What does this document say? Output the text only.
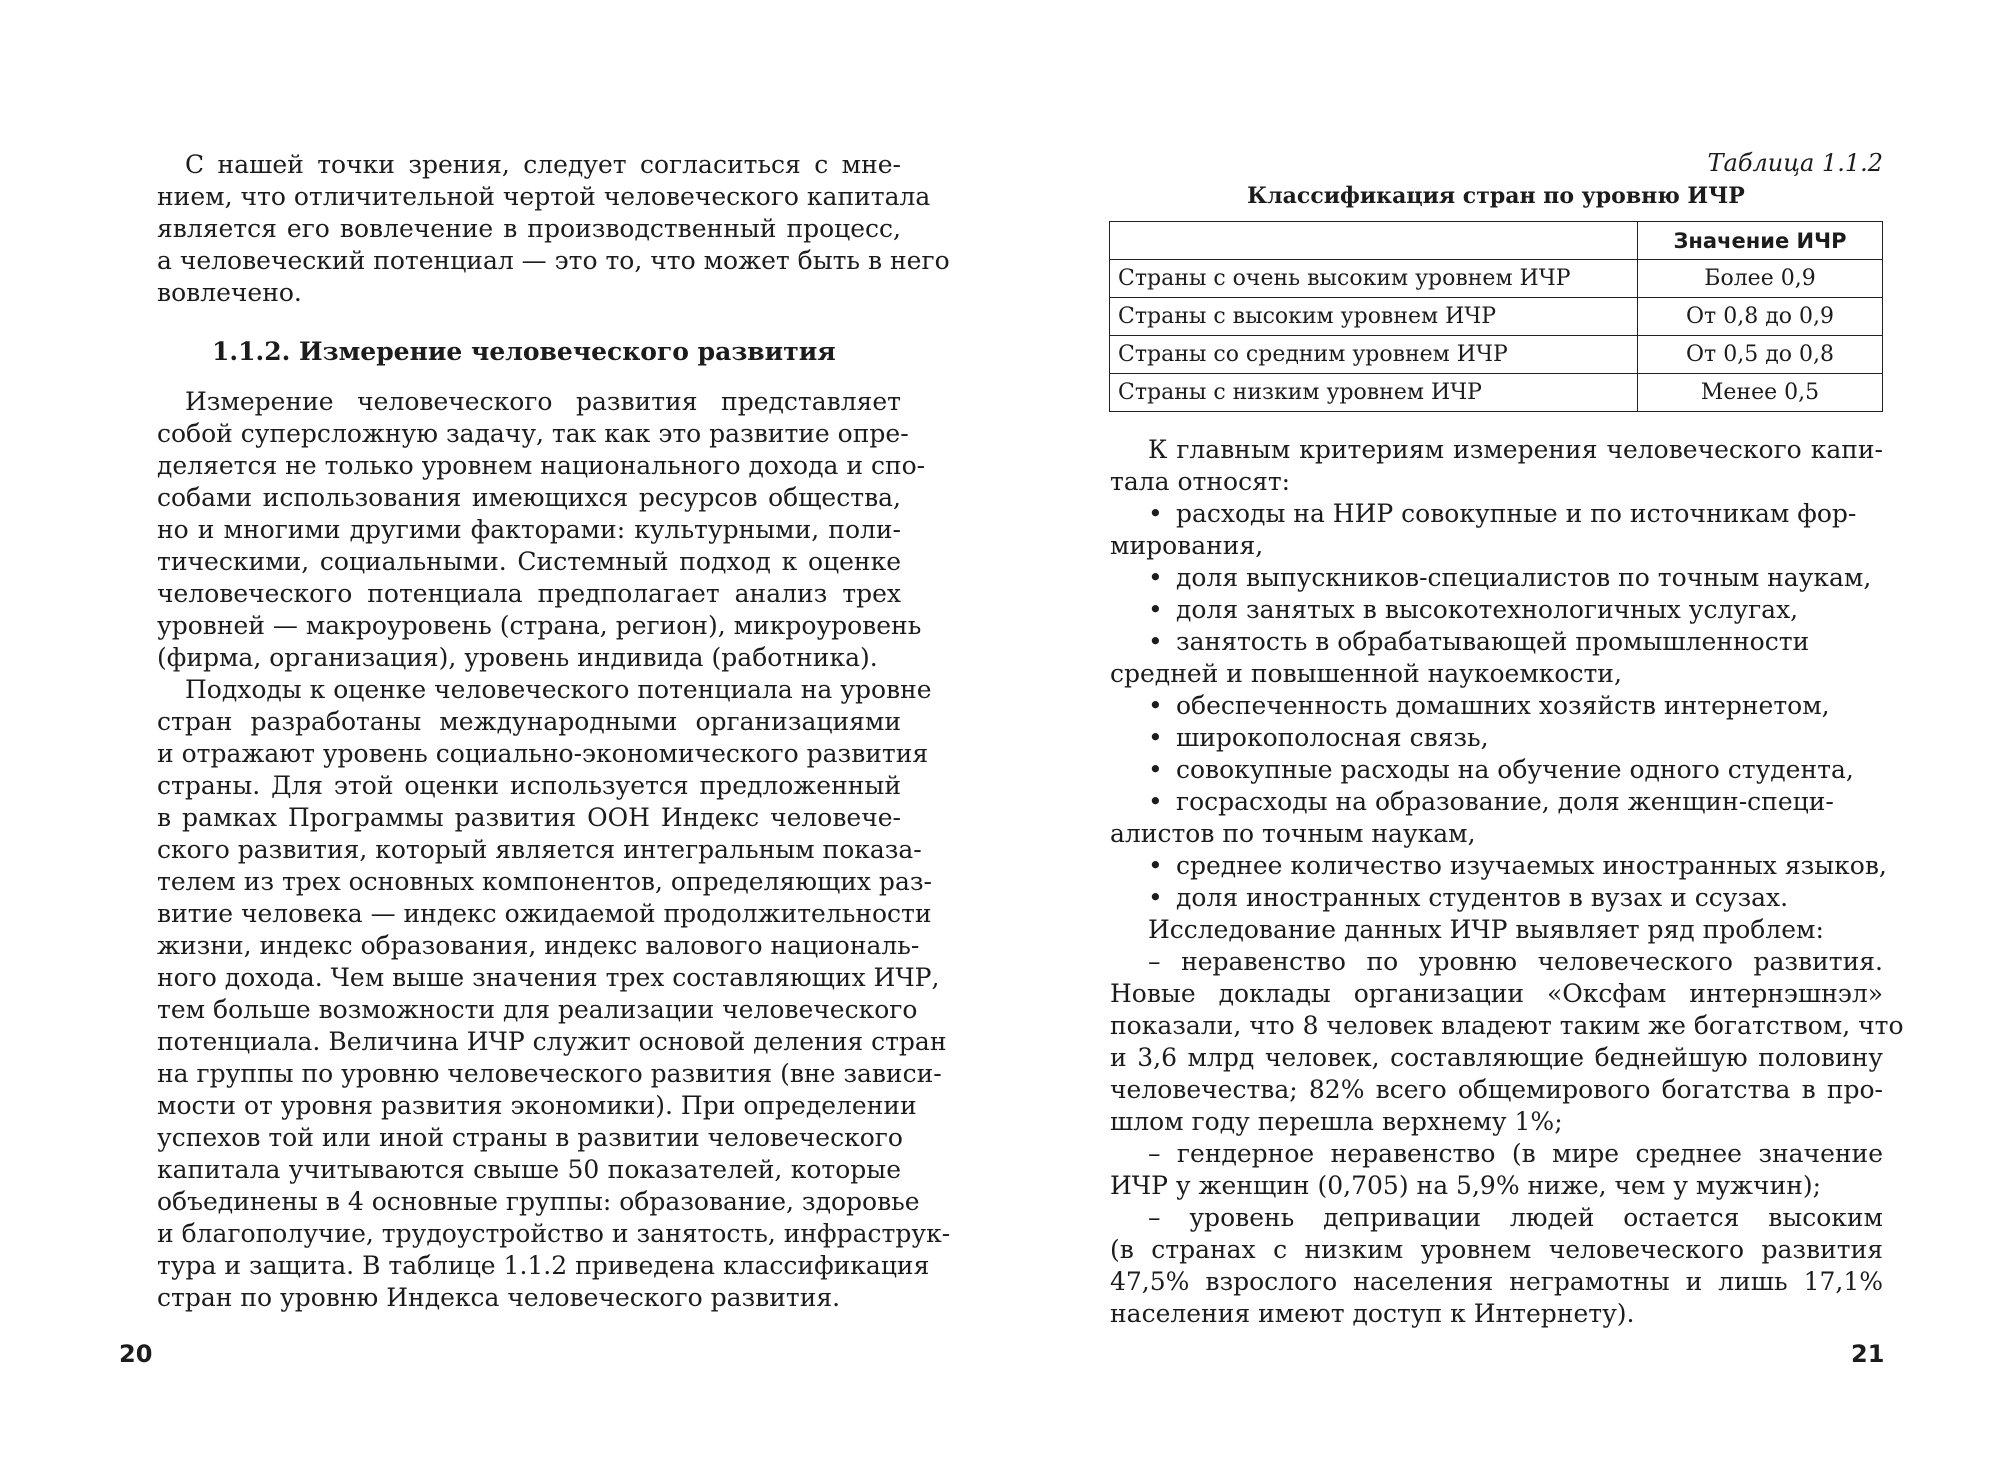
С нашей точки зрения, следует согласиться с мне-

нием, что отличительной чертой человеческого капитала

является его вовлечение в производственный процесс,

а человеческий потенциал — это то, что может быть в него

вовлечено.

1.1.2. Измерение человеческого развития

Измерение человеческого развития представляет

собой суперсложную задачу, так как это развитие опре-

деляется не только уровнем национального дохода и спо-

собами использования имеющихся ресурсов общества,

но и многими другими факторами: культурными, поли-

тическими, социальными. Системный подход к оценке

человеческого потенциала предполагает анализ трех

уровней — макроуровень (страна, регион), микроуровень

(фирма, организация), уровень индивида (работника).

Подходы к оценке человеческого потенциала на уровне

стран разработаны международными организациями

и отражают уровень социально-экономического развития

страны. Для этой оценки используется предложенный

в рамках Программы развития ООН Индекс человече-

ского развития, который является интегральным показа-

телем из трех основных компонентов, определяющих раз-

витие человека — индекс ожидаемой продолжительности

жизни, индекс образования, индекс валового националь-

ного дохода. Чем выше значения трех составляющих ИЧР,

тем больше возможности для реализации человеческого

потенциала. Величина ИЧР служит основой деления стран

на группы по уровню человеческого развития (вне зависи-

мости от уровня развития экономики). При определении

успехов той или иной страны в развитии человеческого

капитала учитываются свыше 50 показателей, которые

объединены в 4 основные группы: образование, здоровье

и благополучие, трудоустройство и занятость, инфраструк-

тура и защита. В таблице 1.1.2 приведена классификация

стран по уровню Индекса человеческого развития.

20
Таблица 1.1.2
Классификация стран по уровню ИЧР
	Значение ИЧР
Страны с очень высоким уровнем ИЧР	Более 0,9
Страны с высоким уровнем ИЧР	От 0,8 до 0,9
Страны со средним уровнем ИЧР	От 0,5 до 0,8
Страны с низким уровнем ИЧР	Менее 0,5

К главным критериям измерения человеческого капи-

тала относят:

• расходы на НИР совокупные и по источникам фор-

мирования,

• доля выпускников-специалистов по точным наукам,

• доля занятых в высокотехнологичных услугах,

• занятость в обрабатывающей промышленности

средней и повышенной наукоемкости,

• обеспеченность домашних хозяйств интернетом,

• широкополосная связь,

• совокупные расходы на обучение одного студента,

• госрасходы на образование, доля женщин-специ-

алистов по точным наукам,

• среднее количество изучаемых иностранных языков,

• доля иностранных студентов в вузах и ссузах.

Исследование данных ИЧР выявляет ряд проблем:

– неравенство по уровню человеческого развития.

Новые доклады организации «Оксфам интернэшнэл»

показали, что 8 человек владеют таким же богатством, что

и 3,6 млрд человек, составляющие беднейшую половину

человечества; 82% всего общемирового богатства в про-

шлом году перешла верхнему 1%;

– гендерное неравенство (в мире среднее значение

ИЧР у женщин (0,705) на 5,9% ниже, чем у мужчин);

– уровень депривации людей остается высоким

(в странах с низким уровнем человеческого развития

47,5% взрослого населения неграмотны и лишь 17,1%

населения имеют доступ к Интернету).

21
